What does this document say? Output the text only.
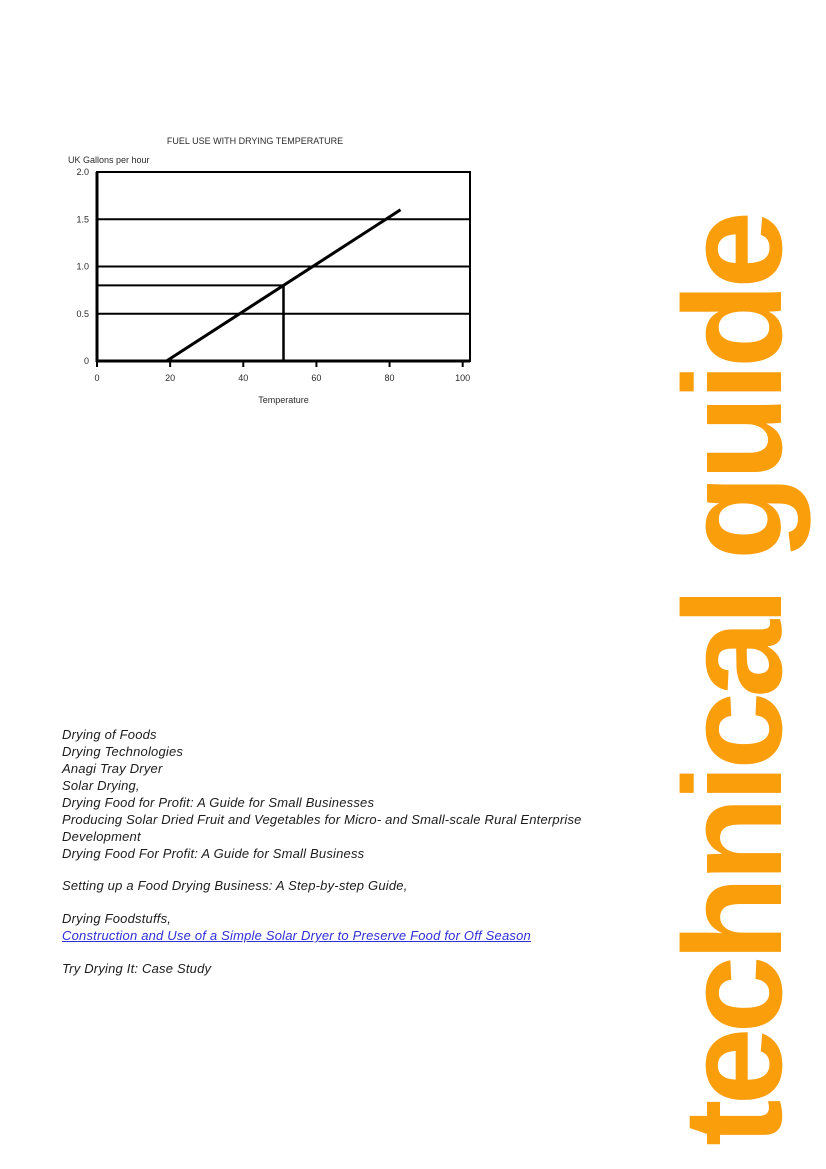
0	20	40	60	80	100
0
0.5
1.0
1.5
2.0
FUEL USE WITH DRYING TEMPERATURE
UK Gallons per hour
Temperature
Drying of Foods
Drying Technologies
Anagi Tray Dryer
Solar Drying,
Drying Food for Profit: A Guide for Small Businesses
Producing Solar Dried Fruit and Vegetables for Micro- and Small-scale Rural Enterprise
Development
Drying Food For Profit: A Guide for Small Business
Setting up a Food Drying Business: A Step-by-step Guide,
Drying Foodstuffs,
Construction and Use of a Simple Solar Dryer to Preserve Food for Off Season
Try Drying It: Case Study	technical guide
